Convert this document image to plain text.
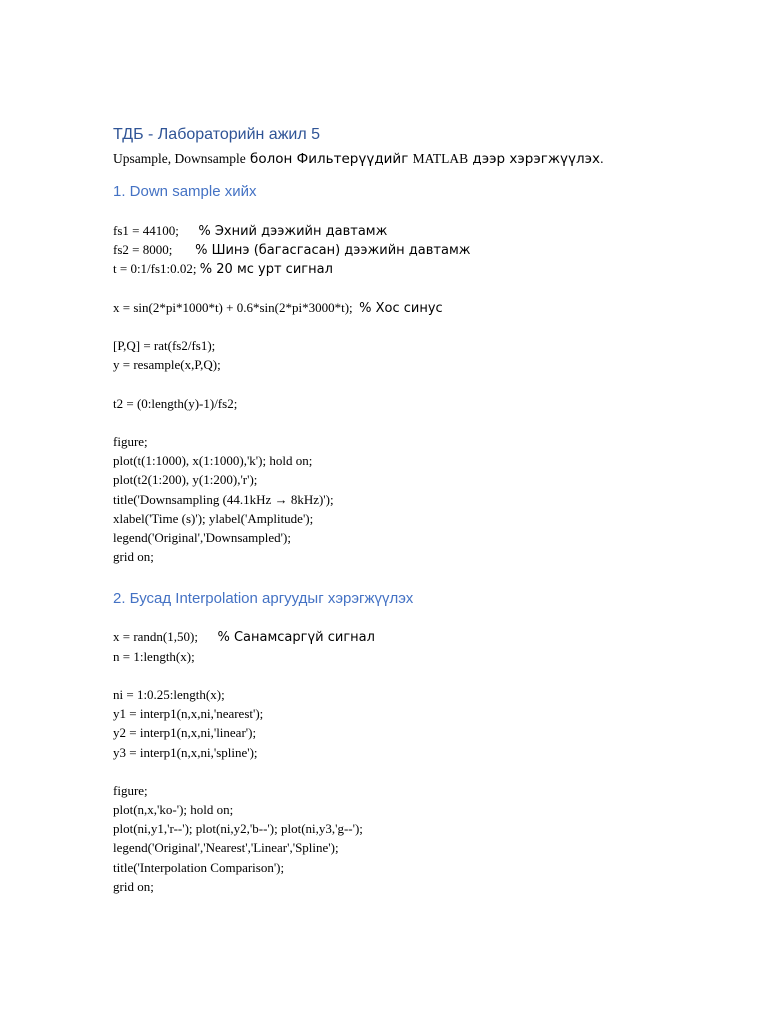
ТДБ - Лабораторийн ажил 5
Upsample, Downsample болон Фильтерүүдийг MATLAB дээр хэрэгжүүлэх.
1. Down sample хийх
fs1 = 44100;      % Эхний дээжийн давтамж
fs2 = 8000;       % Шинэ (багасгасан) дээжийн давтамж
t = 0:1/fs1:0.02; % 20 мс урт сигнал
x = sin(2*pi*1000*t) + 0.6*sin(2*pi*3000*t);  % Хос синус
[P,Q] = rat(fs2/fs1);
y = resample(x,P,Q);
t2 = (0:length(y)-1)/fs2;
figure;
plot(t(1:1000), x(1:1000),'k'); hold on;
plot(t2(1:200), y(1:200),'r');
title('Downsampling (44.1kHz → 8kHz)');
xlabel('Time (s)'); ylabel('Amplitude');
legend('Original','Downsampled');
grid on;
2. Бусад Interpolation аргуудыг хэрэгжүүлэх
x = randn(1,50);      % Санамсаргүй сигнал
n = 1:length(x);
ni = 1:0.25:length(x);
y1 = interp1(n,x,ni,'nearest');
y2 = interp1(n,x,ni,'linear');
y3 = interp1(n,x,ni,'spline');
figure;
plot(n,x,'ko-'); hold on;
plot(ni,y1,'r--'); plot(ni,y2,'b--'); plot(ni,y3,'g--');
legend('Original','Nearest','Linear','Spline');
title('Interpolation Comparison');
grid on;
